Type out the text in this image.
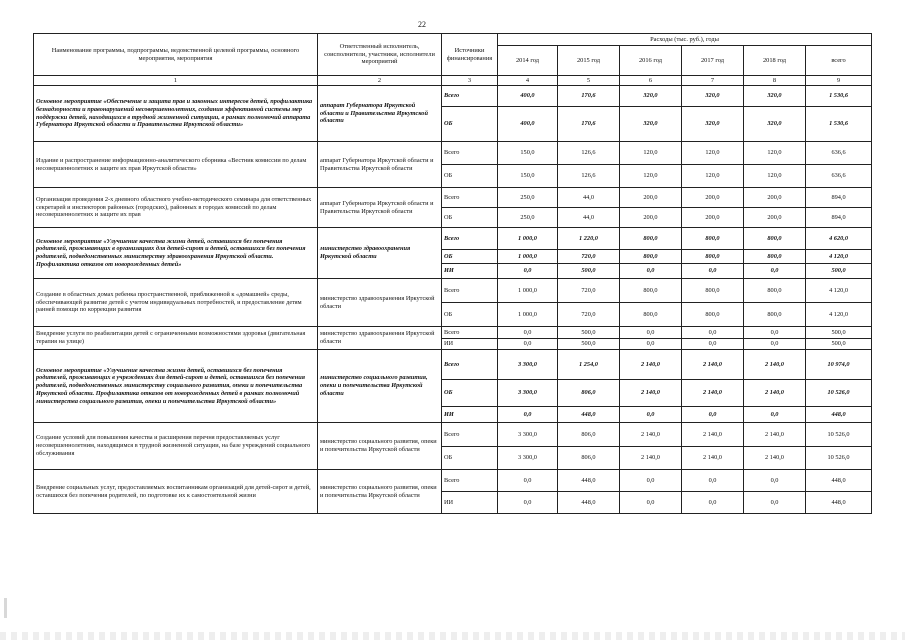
22
Наименование программы, подпрограммы, ведомственной целевой программы, основного мероприятия, мероприятия	Ответственный исполнитель, соисполнители, участники, исполнители мероприятий	Источники финансирования	Расходы (тыс. руб.), годы					
			2014 год	2015 год	2016 год	2017 год	2018 год	всего
1	2	3	4	5	6	7	8	9
Основное мероприятие «Обеспечение и защита прав и законных интересов детей, профилактика безнадзорности и правонарушений несовершеннолетних, создания эффективной системы мер поддержки детей, находящихся в трудной жизненной ситуации, в рамках полномочий аппарата Губернатора Иркутской области и Правительства Иркутской области»	аппарат Губернатора Иркутской области и Правительства Иркутской области	Всего	400,0	170,6	320,0	320,0	320,0	1 530,6
		ОБ	400,0	170,6	320,0	320,0	320,0	1 530,6
Издание и распространение информационно-аналитического сборника «Вестник комиссии по делам несовершеннолетних и защите их прав Иркутской области»	аппарат Губернатора Иркутской области и Правительства Иркутской области	Всего	150,0	126,6	120,0	120,0	120,0	636,6
		ОБ	150,0	126,6	120,0	120,0	120,0	636,6
Организация проведения 2-х дневного областного учебно-методического семинара для ответственных секретарей и инспекторов районных (городских), районных в городах комиссий по делам несовершеннолетних и защите их прав	аппарат Губернатора Иркутской области и Правительства Иркутской области	Всего	250,0	44,0	200,0	200,0	200,0	894,0
		ОБ	250,0	44,0	200,0	200,0	200,0	894,0
Основное мероприятие «Улучшение качества жизни детей, оставшихся без попечения родителей, проживающих в организациях для детей-сирот и детей, оставшихся без попечения родителей, подведомственных министерству здравоохранения Иркутской области. Профилактика отказов от новорожденных детей»	министерство здравоохранения Иркутской области	Всего	1 000,0	1 220,0	800,0	800,0	800,0	4 620,0
		ОБ	1 000,0	720,0	800,0	800,0	800,0	4 120,0
		ИИ	0,0	500,0	0,0	0,0	0,0	500,0
Создание в областных домах ребенка пространственной, приближенной к «домашней» среды, обеспечивающей развитие детей с учетом индивидуальных потребностей, и предоставление детям ранней помощи по коррекции развития	министерство здравоохранения Иркутской области	Всего	1 000,0	720,0	800,0	800,0	800,0	4 120,0
		ОБ	1 000,0	720,0	800,0	800,0	800,0	4 120,0
Внедрение услуги по реабилитации детей с ограниченными возможностями здоровья (двигательная терапия на улице)	министерство здравоохранения Иркутской области	Всего	0,0	500,0	0,0	0,0	0,0	500,0
		ИИ	0,0	500,0	0,0	0,0	0,0	500,0
Основное мероприятие «Улучшение качества жизни детей, оставшихся без попечения родителей, проживающих в учреждениях для детей-сирот и детей, оставшихся без попечения родителей, подведомственных министерству социального развития, опеки и попечительства Иркутской области. Профилактика отказов от новорожденных детей в рамках полномочий министерства социального развития, опеки и попечительства Иркутской области»	министерство социального развития, опеки и попечительства Иркутской области	Всего	3 300,0	1 254,0	2 140,0	2 140,0	2 140,0	10 974,0
		ОБ	3 300,0	806,0	2 140,0	2 140,0	2 140,0	10 526,0
		ИИ	0,0	448,0	0,0	0,0	0,0	448,0
Создание условий для повышения качества и расширения перечня предоставляемых услуг несовершеннолетним, находящимся в трудной жизненной ситуации, на базе учреждений социального обслуживания	министерство социального развития, опеки и попечительства Иркутской области	Всего	3 300,0	806,0	2 140,0	2 140,0	2 140,0	10 526,0
		ОБ	3 300,0	806,0	2 140,0	2 140,0	2 140,0	10 526,0
Внедрение социальных услуг, предоставляемых воспитанникам организаций для детей-сирот и детей, оставшихся без попечения родителей, по подготовке их к самостоятельной жизни	министерство социального развития, опеки и попечительства Иркутской области	Всего	0,0	448,0	0,0	0,0	0,0	448,0
		ИИ	0,0	448,0	0,0	0,0	0,0	448,0
